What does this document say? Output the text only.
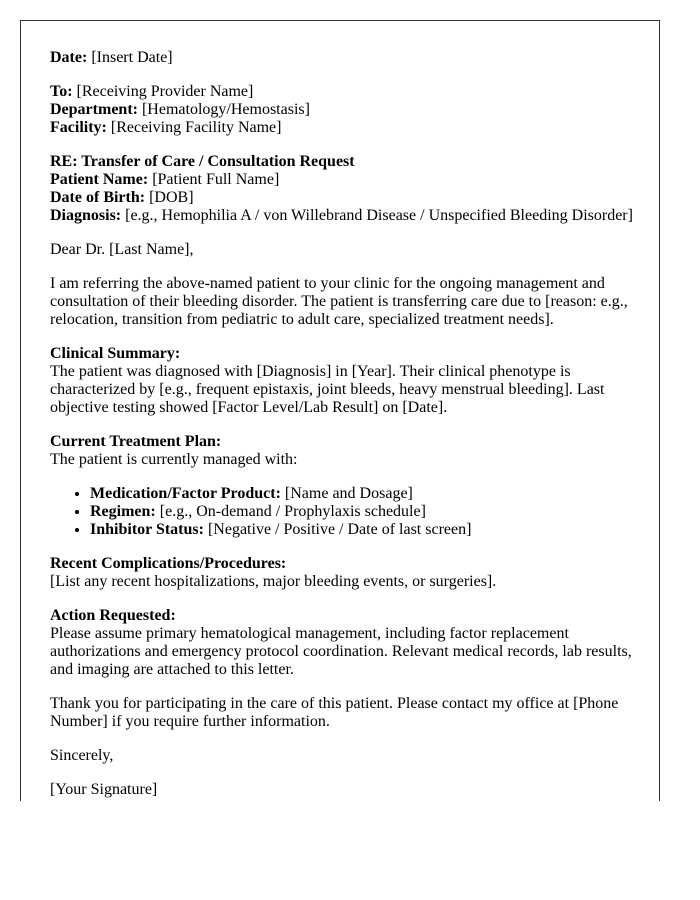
Date: [Insert Date]

To: [Receiving Provider Name]
Department: [Hematology/Hemostasis]
Facility: [Receiving Facility Name]
RE: Transfer of Care / Consultation Request
Patient Name: [Patient Full Name]
Date of Birth: [DOB]
Diagnosis: [e.g., Hemophilia A / von Willebrand Disease / Unspecified Bleeding Disorder]

Dear Dr. [Last Name],

I am referring the above-named patient to your clinic for the ongoing management and consultation of their bleeding disorder. The patient is transferring care due to [reason: e.g., relocation, transition from pediatric to adult care, specialized treatment needs].

Clinical Summary:
The patient was diagnosed with [Diagnosis] in [Year]. Their clinical phenotype is characterized by [e.g., frequent epistaxis, joint bleeds, heavy menstrual bleeding]. Last objective testing showed [Factor Level/Lab Result] on [Date].
Current Treatment Plan:
The patient is currently managed with:
• Medication/Factor Product: [Name and Dosage]
• Regimen: [e.g., On-demand / Prophylaxis schedule]
• Inhibitor Status: [Negative / Positive / Date of last screen]
Recent Complications/Procedures:
[List any recent hospitalizations, major bleeding events, or surgeries].
Action Requested:
Please assume primary hematological management, including factor replacement authorizations and emergency protocol coordination. Relevant medical records, lab results, and imaging are attached to this letter.

Thank you for participating in the care of this patient. Please contact my office at [Phone Number] if you require further information.

Sincerely,

[Your Signature]
